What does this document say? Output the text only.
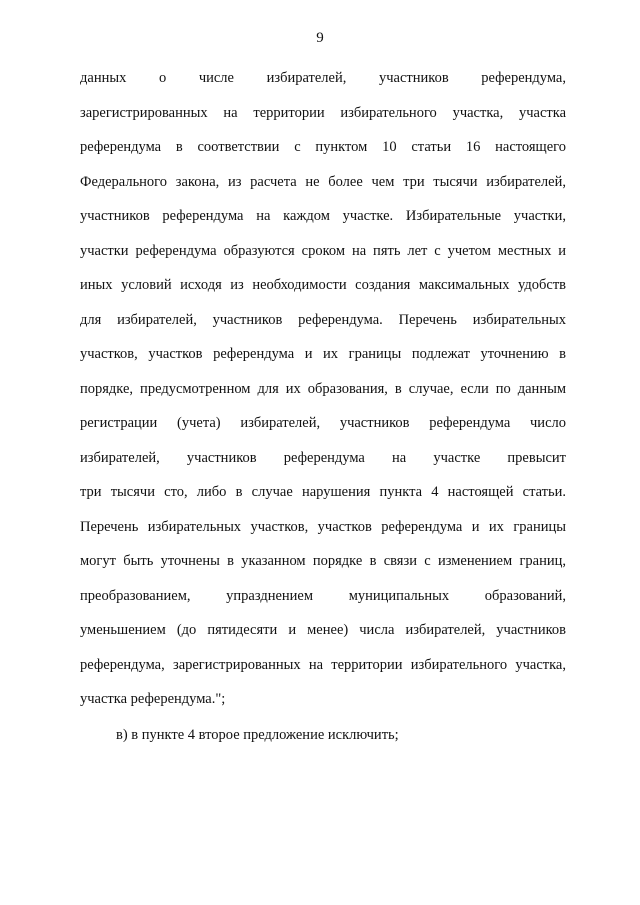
9
данных о числе избирателей, участников референдума,
зарегистрированных на территории избирательного участка, участка
референдума в соответствии с пунктом 10 статьи 16 настоящего
Федерального закона, из расчета не более чем три тысячи избирателей,
участников референдума на каждом участке. Избирательные участки,
участки референдума образуются сроком на пять лет с учетом местных и
иных условий исходя из необходимости создания максимальных удобств
для избирателей, участников референдума. Перечень избирательных
участков, участков референдума и их границы подлежат уточнению в
порядке, предусмотренном для их образования, в случае, если по данным
регистрации (учета) избирателей, участников референдума число
избирателей, участников референдума на участке превысит
три тысячи сто, либо в случае нарушения пункта 4 настоящей статьи.
Перечень избирательных участков, участков референдума и их границы
могут быть уточнены в указанном порядке в связи с изменением границ,
преобразованием, упразднением муниципальных образований,
уменьшением (до пятидесяти и менее) числа избирателей, участников
референдума, зарегистрированных на территории избирательного участка,
участка референдума.";
в) в пункте 4 второе предложение исключить;
